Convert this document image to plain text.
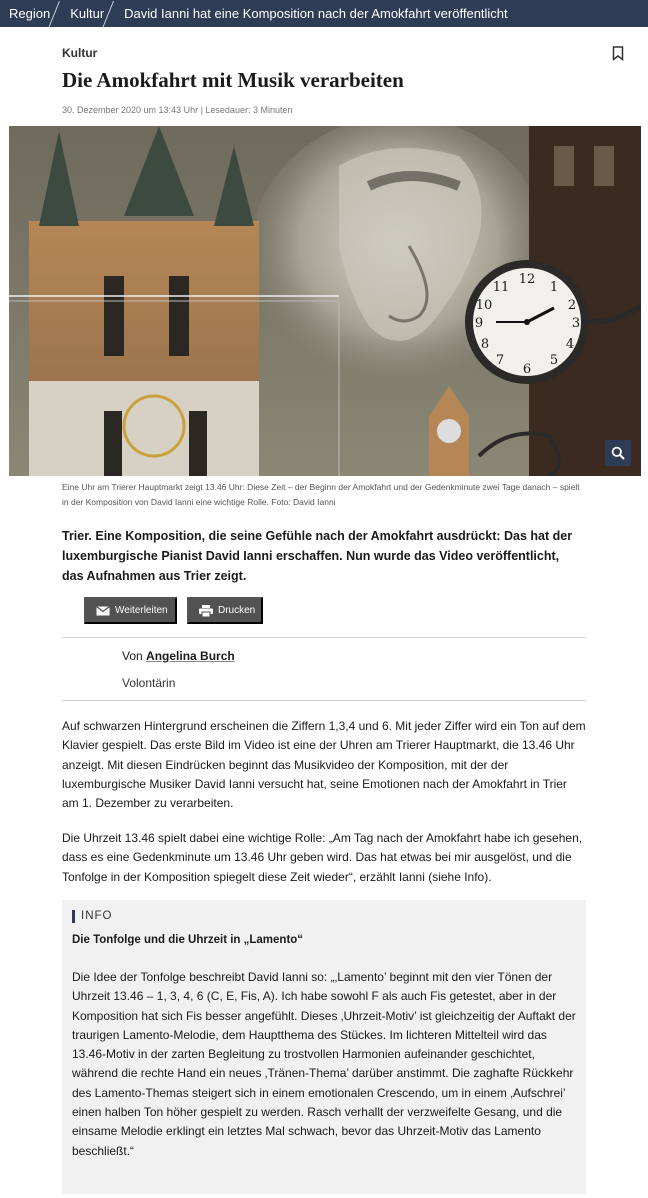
Region Kultur David Ianni hat eine Komposition nach der Amokfahrt veröffentlicht
Kultur
Die Amokfahrt mit Musik verarbeiten
30. Dezember 2020 um 13:43 Uhr | Lesedauer: 3 Minuten
12
1
2
3
4
5
6
7
8
9
10
11

Eine Uhr am Trierer Hauptmarkt zeigt 13.46 Uhr: Diese Zeit – der Beginn der Amokfahrt und der Gedenkminute zwei Tage danach – spielt in der Komposition von David Ianni eine wichtige Rolle. Foto: David Ianni

Trier. Eine Komposition, die seine Gefühle nach der Amokfahrt ausdrückt: Das hat der luxemburgische Pianist David Ianni erschaffen. Nun wurde das Video veröffentlicht, das Aufnahmen aus Trier zeigt.

Weiterleiten	Drucken
Von Angelina Burch
Volontärin

Auf schwarzen Hintergrund erscheinen die Ziffern 1,3,4 und 6. Mit jeder Ziffer wird ein Ton auf dem Klavier gespielt. Das erste Bild im Video ist eine der Uhren am Trierer Hauptmarkt, die 13.46 Uhr anzeigt. Mit diesen Eindrücken beginnt das Musikvideo der Komposition, mit der der luxemburgische Musiker David Ianni versucht hat, seine Emotionen nach der Amokfahrt in Trier am 1. Dezember zu verarbeiten.

Die Uhrzeit 13.46 spielt dabei eine wichtige Rolle: „Am Tag nach der Amokfahrt habe ich gesehen, dass es eine Gedenkminute um 13.46 Uhr geben wird. Das hat etwas bei mir ausgelöst, und die Tonfolge in der Komposition spiegelt diese Zeit wieder“, erzählt Ianni (siehe Info).

INFO
Die Tonfolge und die Uhrzeit in „Lamento“

Die Idee der Tonfolge beschreibt David Ianni so: „‚Lamento’ beginnt mit den vier Tönen der Uhrzeit 13.46 – 1, 3, 4, 6 (C, E, Fis, A). Ich habe sowohl F als auch Fis getestet, aber in der Komposition hat sich Fis besser angefühlt. Dieses ‚Uhrzeit-Motiv’ ist gleichzeitig der Auftakt der traurigen Lamento-Melodie, dem Hauptthema des Stückes. Im lichteren Mittelteil wird das 13.46-Motiv in der zarten Begleitung zu trostvollen Harmonien aufeinander geschichtet, während die rechte Hand ein neues ‚Tränen-Thema’ darüber anstimmt. Die zaghafte Rückkehr des Lamento-Themas steigert sich in einem emotionalen Crescendo, um in einem ‚Aufschrei’ einen halben Ton höher gespielt zu werden. Rasch verhallt der verzweifelte Gesang, und die einsame Melodie erklingt ein letztes Mal schwach, bevor das Uhrzeit-Motiv das Lamento beschließt.“
